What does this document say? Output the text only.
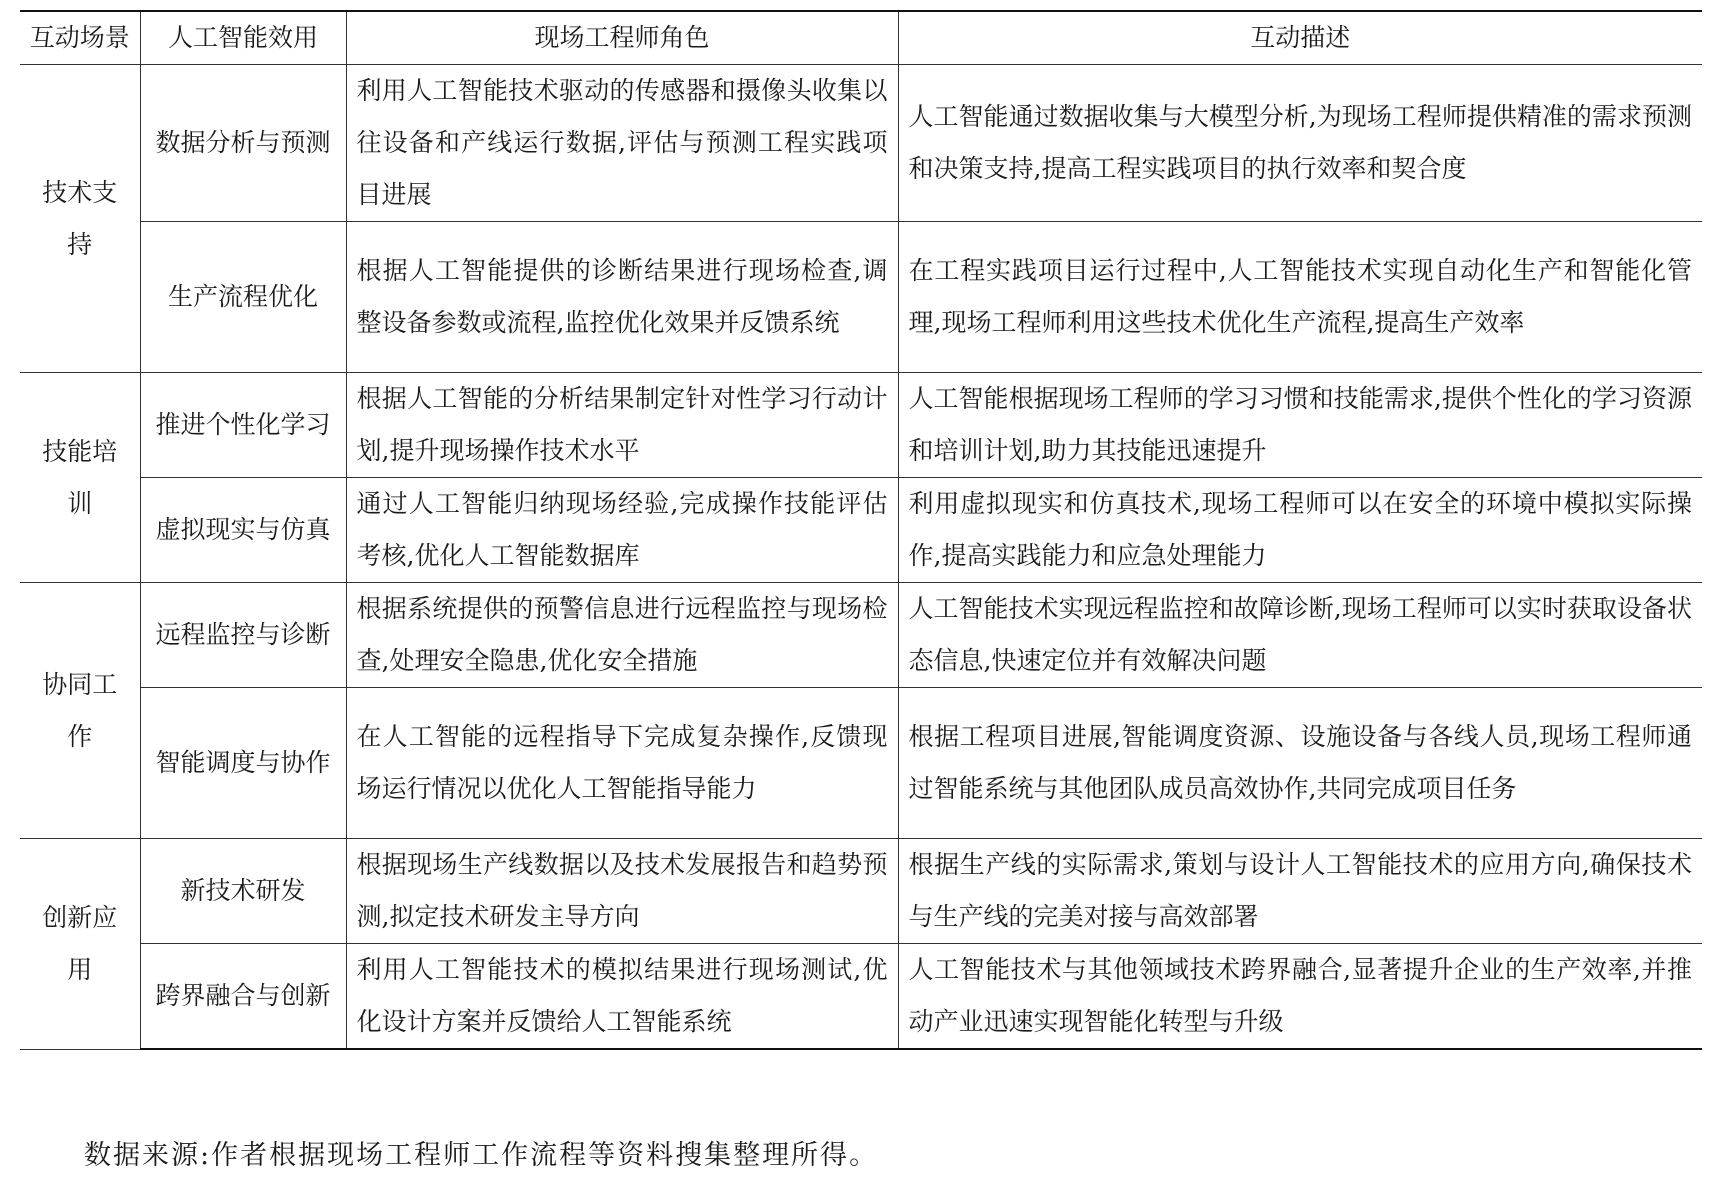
互动场景	人工智能效用	现场工程师角色	互动描述
技术支持	数据分析与预测	利用人工智能技术驱动的传感器和摄像头收集以往设备和产线运行数据,评估与预测工程实践项目进展	人工智能通过数据收集与大模型分析,为现场工程师提供精准的需求预测和决策支持,提高工程实践项目的执行效率和契合度
	生产流程优化	根据人工智能提供的诊断结果进行现场检查,调整设备参数或流程,监控优化效果并反馈系统	在工程实践项目运行过程中,人工智能技术实现自动化生产和智能化管理,现场工程师利用这些技术优化生产流程,提高生产效率
技能培训	推进个性化学习	根据人工智能的分析结果制定针对性学习行动计划,提升现场操作技术水平	人工智能根据现场工程师的学习习惯和技能需求,提供个性化的学习资源和培训计划,助力其技能迅速提升
	虚拟现实与仿真	通过人工智能归纳现场经验,完成操作技能评估考核,优化人工智能数据库	利用虚拟现实和仿真技术,现场工程师可以在安全的环境中模拟实际操作,提高实践能力和应急处理能力
协同工作	远程监控与诊断	根据系统提供的预警信息进行远程监控与现场检查,处理安全隐患,优化安全措施	人工智能技术实现远程监控和故障诊断,现场工程师可以实时获取设备状态信息,快速定位并有效解决问题
	智能调度与协作	在人工智能的远程指导下完成复杂操作,反馈现场运行情况以优化人工智能指导能力	根据工程项目进展,智能调度资源、设施设备与各线人员,现场工程师通过智能系统与其他团队成员高效协作,共同完成项目任务
创新应用	新技术研发	根据现场生产线数据以及技术发展报告和趋势预测,拟定技术研发主导方向	根据生产线的实际需求,策划与设计人工智能技术的应用方向,确保技术与生产线的完美对接与高效部署
	跨界融合与创新	利用人工智能技术的模拟结果进行现场测试,优化设计方案并反馈给人工智能系统	人工智能技术与其他领域技术跨界融合,显著提升企业的生产效率,并推动产业迅速实现智能化转型与升级
数据来源:作者根据现场工程师工作流程等资料搜集整理所得。
